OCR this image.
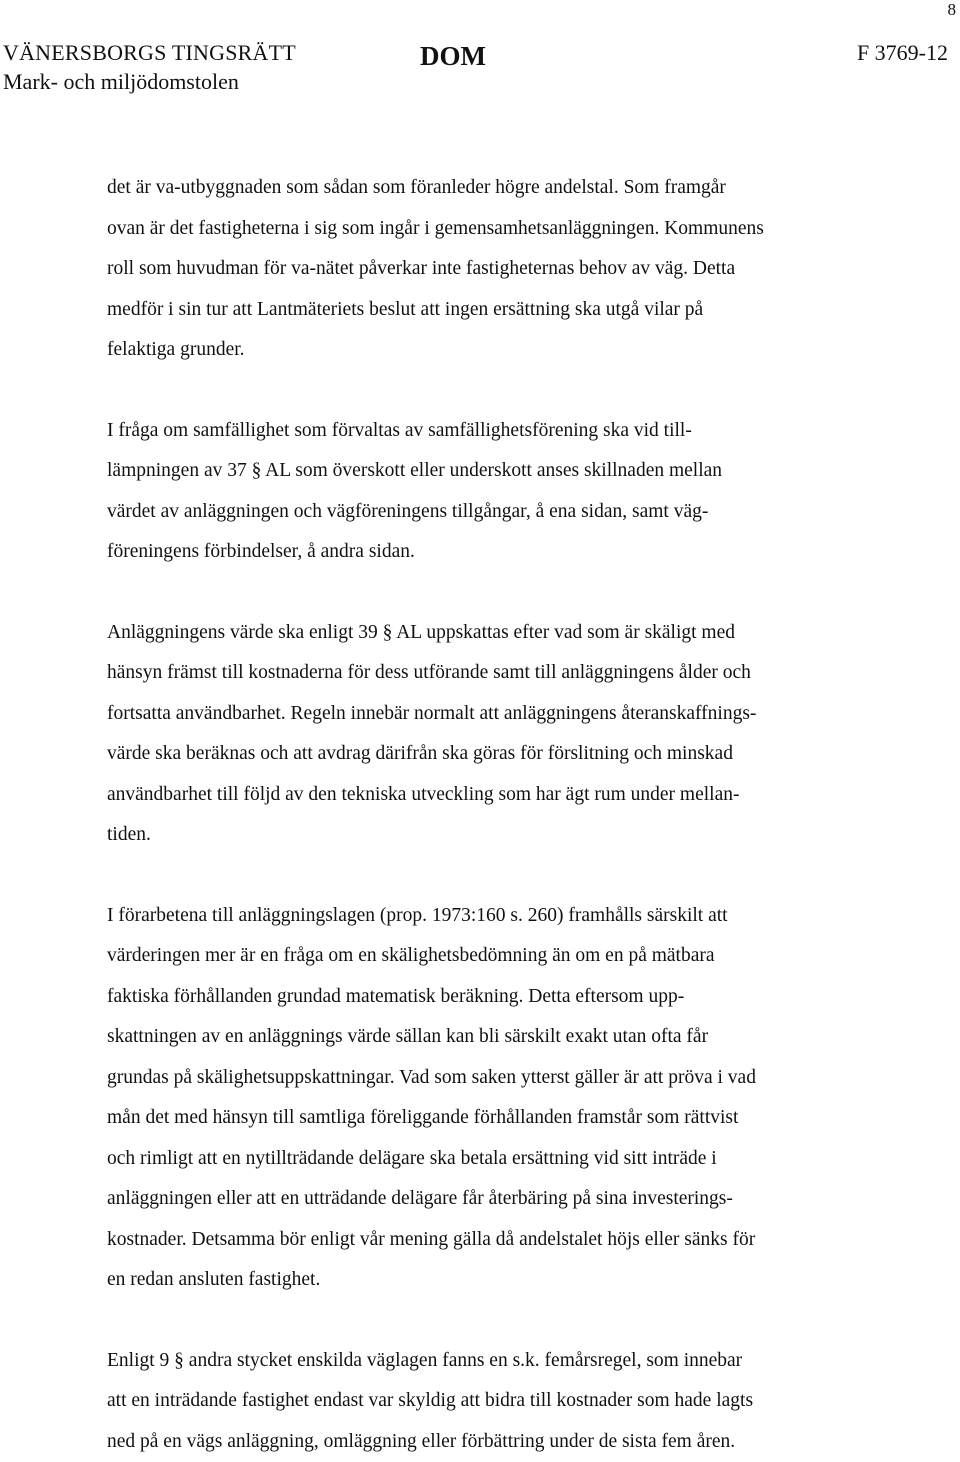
8
VÄNERSBORGS TINGSRÄTT
Mark- och miljödomstolen
DOM	F 3769-12

det är va-utbyggnaden som sådan som föranleder högre andelstal. Som framgår
ovan är det fastigheterna i sig som ingår i gemensamhetsanläggningen. Kommunens
roll som huvudman för va-nätet påverkar inte fastigheternas behov av väg. Detta
medför i sin tur att Lantmäteriets beslut att ingen ersättning ska utgå vilar på
felaktiga grunder.

I fråga om samfällighet som förvaltas av samfällighetsförening ska vid till-
lämpningen av 37 § AL som överskott eller underskott anses skillnaden mellan
värdet av anläggningen och vägföreningens tillgångar, å ena sidan, samt väg-
föreningens förbindelser, å andra sidan.

Anläggningens värde ska enligt 39 § AL uppskattas efter vad som är skäligt med
hänsyn främst till kostnaderna för dess utförande samt till anläggningens ålder och
fortsatta användbarhet. Regeln innebär normalt att anläggningens återanskaffnings-
värde ska beräknas och att avdrag därifrån ska göras för förslitning och minskad
användbarhet till följd av den tekniska utveckling som har ägt rum under mellan-
tiden.

I förarbetena till anläggningslagen (prop. 1973:160 s. 260) framhålls särskilt att
värderingen mer är en fråga om en skälighetsbedömning än om en på mätbara
faktiska förhållanden grundad matematisk beräkning. Detta eftersom upp-
skattningen av en anläggnings värde sällan kan bli särskilt exakt utan ofta får
grundas på skälighetsuppskattningar. Vad som saken ytterst gäller är att pröva i vad
mån det med hänsyn till samtliga föreliggande förhållanden framstår som rättvist
och rimligt att en nytillträdande delägare ska betala ersättning vid sitt inträde i
anläggningen eller att en utträdande delägare får återbäring på sina investerings-
kostnader. Detsamma bör enligt vår mening gälla då andelstalet höjs eller sänks för
en redan ansluten fastighet.

Enligt 9 § andra stycket enskilda väglagen fanns en s.k. femårsregel, som innebar
att en inträdande fastighet endast var skyldig att bidra till kostnader som hade lagts
ned på en vägs anläggning, omläggning eller förbättring under de sista fem åren.
